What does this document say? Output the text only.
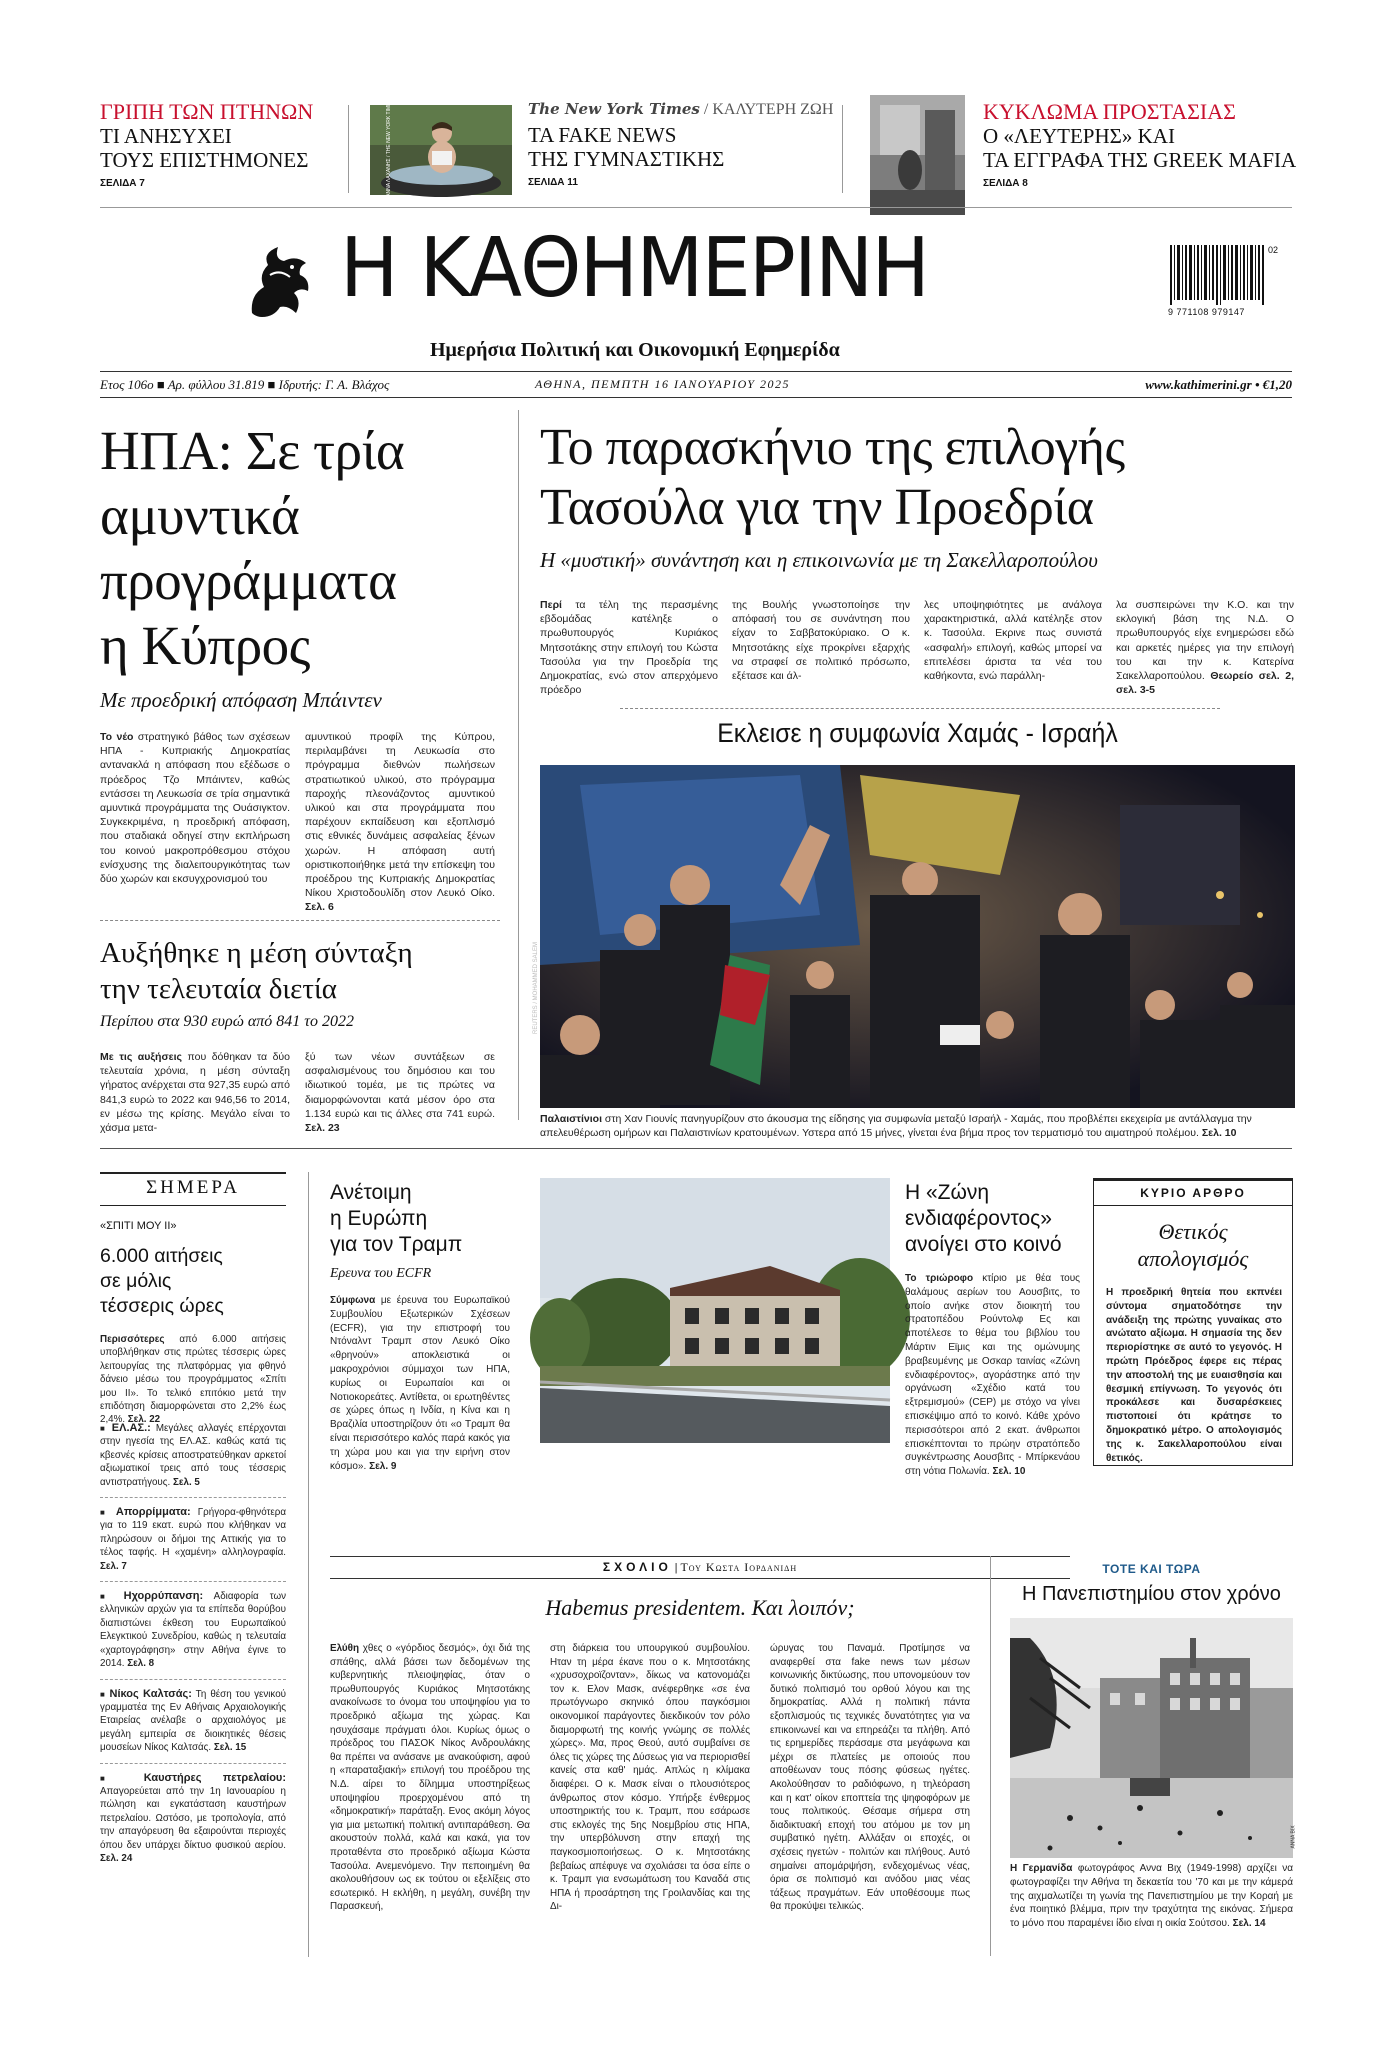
ΓΡΙΠΗ ΤΩΝ ΠΤΗΝΩΝ
ΤΙ ΑΝΗΣΥΧΕΙ
ΤΟΥΣ ΕΠΙΣΤΗΜΟΝΕΣ
ΣΕΛΙΔΑ 7	ΑΝΝΑ ΛΑΧΑΝΗΣ / THE NEW YORK TIMES	The New York Times / ΚΑΛΥΤΕΡΗ ΖΩΗ
ΤΑ FAKE NEWS
ΤΗΣ ΓΥΜΝΑΣΤΙΚΗΣ
ΣΕΛΙΔΑ 11
ΚΥΚΛΩΜΑ ΠΡΟΣΤΑΣΙΑΣ
Ο «ΛΕΥΤΕΡΗΣ» ΚΑΙ
ΤΑ ΕΓΓΡΑΦΑ ΤΗΣ GREEK MAFIA
ΣΕΛΙΔΑ 8
Η ΚΑΘΗΜΕΡΙΝΗ	02
9 771108 979147
Ημερήσια Πολιτική και Οικονομική Εφημερίδα
Ετος 106ο ■ Αρ. φύλλου 31.819 ■ Ιδρυτής: Γ. Α. Βλάχος	ΑΘΗΝΑ, ΠΕΜΠΤΗ 16 ΙΑΝΟΥΑΡΙΟΥ 2025	www.kathimerini.gr • €1,20
ΗΠΑ: Σε τρία
αμυντικά
προγράμματα
η Κύπρος
Με προεδρική απόφαση Μπάιντεν
Το νέο στρατηγικό βάθος των σχέσεων ΗΠΑ - Κυπριακής Δημοκρατίας αντανακλά η απόφαση που εξέδωσε ο πρόεδρος Τζο Μπάιντεν, καθώς εντάσσει τη Λευκωσία σε τρία σημαντικά αμυντικά προγράμματα της Ουάσιγκτον. Συγκεκριμένα, η προεδρική απόφαση, που σταδιακά οδηγεί στην εκπλήρωση του κοινού μακροπρόθεσμου στόχου ενίσχυσης της διαλειτουργικότητας των δύο χωρών και εκσυγχρονισμού του
αμυντικού προφίλ της Κύπρου, περιλαμβάνει τη Λευκωσία στο πρόγραμμα διεθνών πωλήσεων στρατιωτικού υλικού, στο πρόγραμμα παροχής πλεονάζοντος αμυντικού υλικού και στα προγράμματα που παρέχουν εκπαίδευση και εξοπλισμό στις εθνικές δυνάμεις ασφαλείας ξένων χωρών. Η απόφαση αυτή οριστικοποιήθηκε μετά την επίσκεψη του προέδρου της Κυπριακής Δημοκρατίας Νίκου Χριστοδουλίδη στον Λευκό Οίκο. Σελ. 6
Αυξήθηκε η μέση σύνταξη
την τελευταία διετία
Περίπου στα 930 ευρώ από 841 το 2022
Με τις αυξήσεις που δόθηκαν τα δύο τελευταία χρόνια, η μέση σύνταξη γήρατος ανέρχεται στα 927,35 ευρώ από 841,3 ευρώ το 2022 και 946,56 το 2014, εν μέσω της κρίσης. Μεγάλο είναι το χάσμα μετα-
ξύ των νέων συντάξεων σε ασφαλισμένους του δημόσιου και του ιδιωτικού τομέα, με τις πρώτες να διαμορφώνονται κατά μέσον όρο στα 1.134 ευρώ και τις άλλες στα 741 ευρώ. Σελ. 23
Το παρασκήνιο της επιλογής
Τασούλα για την Προεδρία
Η «μυστική» συνάντηση και η επικοινωνία με τη Σακελλαροπούλου
Περί τα τέλη της περασμένης εβδομάδας κατέληξε ο πρωθυπουργός Κυριάκος Μητσοτάκης στην επιλογή του Κώστα Τασούλα για την Προεδρία της Δημοκρατίας, ενώ στον απερχόμενο πρόεδρο
της Βουλής γνωστοποίησε την απόφασή του σε συνάντηση που είχαν το Σαββατοκύριακο. Ο κ. Μητσοτάκης είχε προκρίνει εξαρχής να στραφεί σε πολιτικό πρόσωπο, εξέτασε και άλ-
λες υποψηφιότητες με ανάλογα χαρακτηριστικά, αλλά κατέληξε στον κ. Τασούλα. Εκρινε πως συνιστά «ασφαλή» επιλογή, καθώς μπορεί να επιτελέσει άριστα τα νέα του καθήκοντα, ενώ παράλλη-
λα συσπειρώνει την Κ.Ο. και την εκλογική βάση της Ν.Δ. Ο πρωθυπουργός είχε ενημερώσει εδώ και αρκετές ημέρες για την επιλογή του και την κ. Κατερίνα Σακελλαροπούλου. Θεωρείο σελ. 2, σελ. 3-5
Εκλεισε η συμφωνία Χαμάς - Ισραήλ
REUTERS / MOHAMMED SALEM
Παλαιστίνιοι στη Χαν Γιουνίς πανηγυρίζουν στο άκουσμα της είδησης για συμφωνία μεταξύ Ισραήλ - Χαμάς, που προβλέπει εκεχειρία με αντάλλαγμα την απελευθέρωση ομήρων και Παλαιστινίων κρατουμένων. Υστερα από 15 μήνες, γίνεται ένα βήμα προς τον τερματισμό του αιματηρού πολέμου. Σελ. 10
ΣΗΜΕΡΑ
«ΣΠΙΤΙ ΜΟΥ ΙΙ»
6.000 αιτήσεις
σε μόλις
τέσσερις ώρες
Περισσότερες από 6.000 αιτήσεις υποβλήθηκαν στις πρώτες τέσσερις ώρες λειτουργίας της πλατφόρμας για φθηνό δάνειο μέσω του προγράμματος «Σπίτι μου ΙΙ». Το τελικό επιτόκιο μετά την επιδότηση διαμορφώνεται στο 2,2% έως 2,4%. Σελ. 22
■ ΕΛ.ΑΣ.: Μεγάλες αλλαγές επέρχονται στην ηγεσία της ΕΛ.ΑΣ. καθώς κατά τις κβεσνές κρίσεις αποστρατεύθηκαν αρκετοί αξιωματικοί τρεις από τους τέσσερις αντιστρατήγους. Σελ. 5
■ Απορρίμματα: Γρήγορα-φθηνότερα για το 119 εκατ. ευρώ που κλήθηκαν να πληρώσουν οι δήμοι της Αττικής για το τέλος ταφής. Η «χαμένη» αλληλογραφία. Σελ. 7
■ Ηχορρύπανση: Αδιαφορία των ελληνικών αρχών για τα επίπεδα θορύβου διαπιστώνει έκθεση του Ευρωπαϊκού Ελεγκτικού Συνεδρίου, καθώς η τελευταία «χαρτογράφηση» στην Αθήνα έγινε το 2014. Σελ. 8
■ Νίκος Καλτσάς: Τη θέση του γενικού γραμματέα της Εν Αθήναις Αρχαιολογικής Εταιρείας ανέλαβε ο αρχαιολόγος με μεγάλη εμπειρία σε διοικητικές θέσεις μουσείων Νίκος Καλτσάς. Σελ. 15
■ Καυστήρες πετρελαίου: Απαγορεύεται από την 1η Ιανουαρίου η πώληση και εγκατάσταση καυστήρων πετρελαίου. Ωστόσο, με τροπολογία, από την απαγόρευση θα εξαιρούνται περιοχές όπου δεν υπάρχει δίκτυο φυσικού αερίου. Σελ. 24
Ανέτοιμη
η Ευρώπη
για τον Τραμπ
Ερευνα του ECFR
Σύμφωνα με έρευνα του Ευρωπαϊκού Συμβουλίου Εξωτερικών Σχέσεων (ECFR), για την επιστροφή του Ντόναλντ Τραμπ στον Λευκό Οίκο «θρηνούν» αποκλειστικά οι μακροχρόνιοι σύμμαχοι των ΗΠΑ, κυρίως οι Ευρωπαίοι και οι Νοτιοκορεάτες. Αντίθετα, οι ερωτηθέντες σε χώρες όπως η Ινδία, η Κίνα και η Βραζιλία υποστηρίζουν ότι «ο Τραμπ θα είναι περισσότερο καλός παρά κακός για τη χώρα μου και για την ειρήνη στον κόσμο». Σελ. 9
Η «Ζώνη
ενδιαφέροντος»
ανοίγει στο κοινό
Το τριώροφο κτίριο με θέα τους θαλάμους αερίων του Αουσβιτς, το οποίο ανήκε στον διοικητή του στρατοπέδου Ρούντολφ Ες και αποτέλεσε το θέμα του βιβλίου του Μάρτιν Εϊμις και της ομώνυμης βραβευμένης με Οσκαρ ταινίας «Ζώνη ενδιαφέροντος», αγοράστηκε από την οργάνωση «Σχέδιο κατά του εξτρεμισμού» (CEP) με στόχο να γίνει επισκέψιμο από το κοινό. Κάθε χρόνο περισσότεροι από 2 εκατ. άνθρωποι επισκέπτονται το πρώην στρατόπεδο συγκέντρωσης Αουσβιτς - Μπίρκενάου στη νότια Πολωνία. Σελ. 10
ΚΥΡΙΟ ΑΡΘΡΟ
Θετικός
απολογισμός
Η προεδρική θητεία που εκπνέει σύντομα σηματοδότησε την ανάδειξη της πρώτης γυναίκας στο ανώτατο αξίωμα. Η σημασία της δεν περιορίστηκε σε αυτό το γεγονός. Η πρώτη Πρόεδρος έφερε εις πέρας την αποστολή της με ευαισθησία και θεσμική επίγνωση. Το γεγονός ότι προκάλεσε και δυσαρέσκειες πιστοποιεί ότι κράτησε το δημοκρατικό μέτρο. Ο απολογισμός της κ. Σακελλαροπούλου είναι θετικός.
ΣΧΟΛΙΟ | Του Κωστα Ιορδανιδη
Habemus presidentem. Και λοιπόν;
Ελύθη χθες ο «γόρδιος δεσμός», όχι διά της σπάθης, αλλά βάσει των δεδομένων της κυβερνητικής πλειοψηφίας, όταν ο πρωθυπουργός Κυριάκος Μητσοτάκης ανακοίνωσε το όνομα του υποψηφίου για το προεδρικό αξίωμα της χώρας. Και ησυχάσαμε πράγματι όλοι. Κυρίως όμως ο πρόεδρος του ΠΑΣΟΚ Νίκος Ανδρουλάκης θα πρέπει να ανάσανε με ανακούφιση, αφού η «παραταξιακή» επιλογή του προέδρου της Ν.Δ. αίρει το δίλημμα υποστηρίξεως υποψηφίου προερχομένου από τη «δημοκρατική» παράταξη. Ενος ακόμη λόγος για μια μετωπική πολιτική αντιπαράθεση. Θα ακουστούν πολλά, καλά και κακά, για τον προταθέντα στο προεδρικό αξίωμα Κώστα Τασούλα. Ανεμενόμενο. Την πεποιημένη θα ακολουθήσουν ως εκ τούτου οι εξελίξεις στο εσωτερικό. Η εκλήθη, η μεγάλη, συνέβη την Παρασκευή,
στη διάρκεια του υπουργικού συμβουλίου. Ηταν τη μέρα έκανε που ο κ. Μητσοτάκης «χρυσοχροϊζονταν», δίκως να κατονομάζει τον κ. Ελον Μασκ, ανέφερθηκε «σε ένα πρωτόγνωρο σκηνικό όπου παγκόσμιοι οικονομικοί παράγοντες διεκδικούν τον ρόλο διαμορφωτή της κοινής γνώμης σε πολλές χώρες». Μα, προς Θεού, αυτό συμβαίνει σε όλες τις χώρες της Δύσεως για να περιορισθεί κανείς στα καθ' ημάς. Απλώς η κλίμακα διαφέρει. Ο κ. Μασκ είναι ο πλουσιότερος άνθρωπος στον κόσμο. Υπήρξε ένθερμος υποστηρικτής του κ. Τραμπ, που εσάρωσε στις εκλογές της 5ης Νοεμβρίου στις ΗΠΑ, την υπερβόλυνση στην επαχή της παγκοσμιοποιήσεως. Ο κ. Μητσοτάκης βεβαίως απέφυγε να σχολιάσει τα όσα είπε ο κ. Τραμπ για ενσωμάτωση του Καναδά στις ΗΠΑ ή προσάρτηση της Γροιλανδίας και της Δι-
ώρυγας του Παναμά. Προτίμησε να αναφερθεί στα fake news των μέσων κοινωνικής δικτύωσης, που υπονομεύουν τον δυτικό πολιτισμό του ορθού λόγου και της δημοκρατίας. Αλλά η πολιτική πάντα εξοπλισμούς τις τεχνικές δυνατότητες για να επικοινωνεί και να επηρεάζει τα πλήθη. Από τις ερημερίδες περάσαμε στα μεγάφωνα και μέχρι σε πλατείες με οποιούς που αποθέωναν τους πόσης φύσεως ηγέτες. Ακολούθησαν το ραδιόφωνο, η τηλεόραση και η κατ' οίκον εποπτεία της ψηφοφόρων με τους πολιτικούς. Θέσαμε σήμερα στη διαδικτυακή εποχή του ατόμου με τον μη συμβατικό ηγέτη. Αλλάξαν οι εποχές, οι σχέσεις ηγετών - πολιτών και πλήθους. Αυτό σημαίνει απομάρψήση, ενδεχομένως νέας, όρια σε πολιτισμό και ανόδου μιας νέας τάξεως πραγμάτων. Εάν υποθέσουμε πως θα προκύψει τελικώς.
ΤΟΤΕ ΚΑΙ ΤΩΡΑ
Η Πανεπιστημίου στον χρόνο
ΑΝΝΑ ΒΙΧ
Η Γερμανίδα φωτογράφος Αννα Βιχ (1949-1998) αρχίζει να φωτογραφίζει την Αθήνα τη δεκαετία του '70 και με την κάμερά της αιχμαλωτίζει τη γωνία της Πανεπιστημίου με την Κοραή με ένα ποιητικό βλέμμα, πριν την τραχύτητα της εικόνας. Σήμερα το μόνο που παραμένει ίδιο είναι η οικία Σούτσου. Σελ. 14
